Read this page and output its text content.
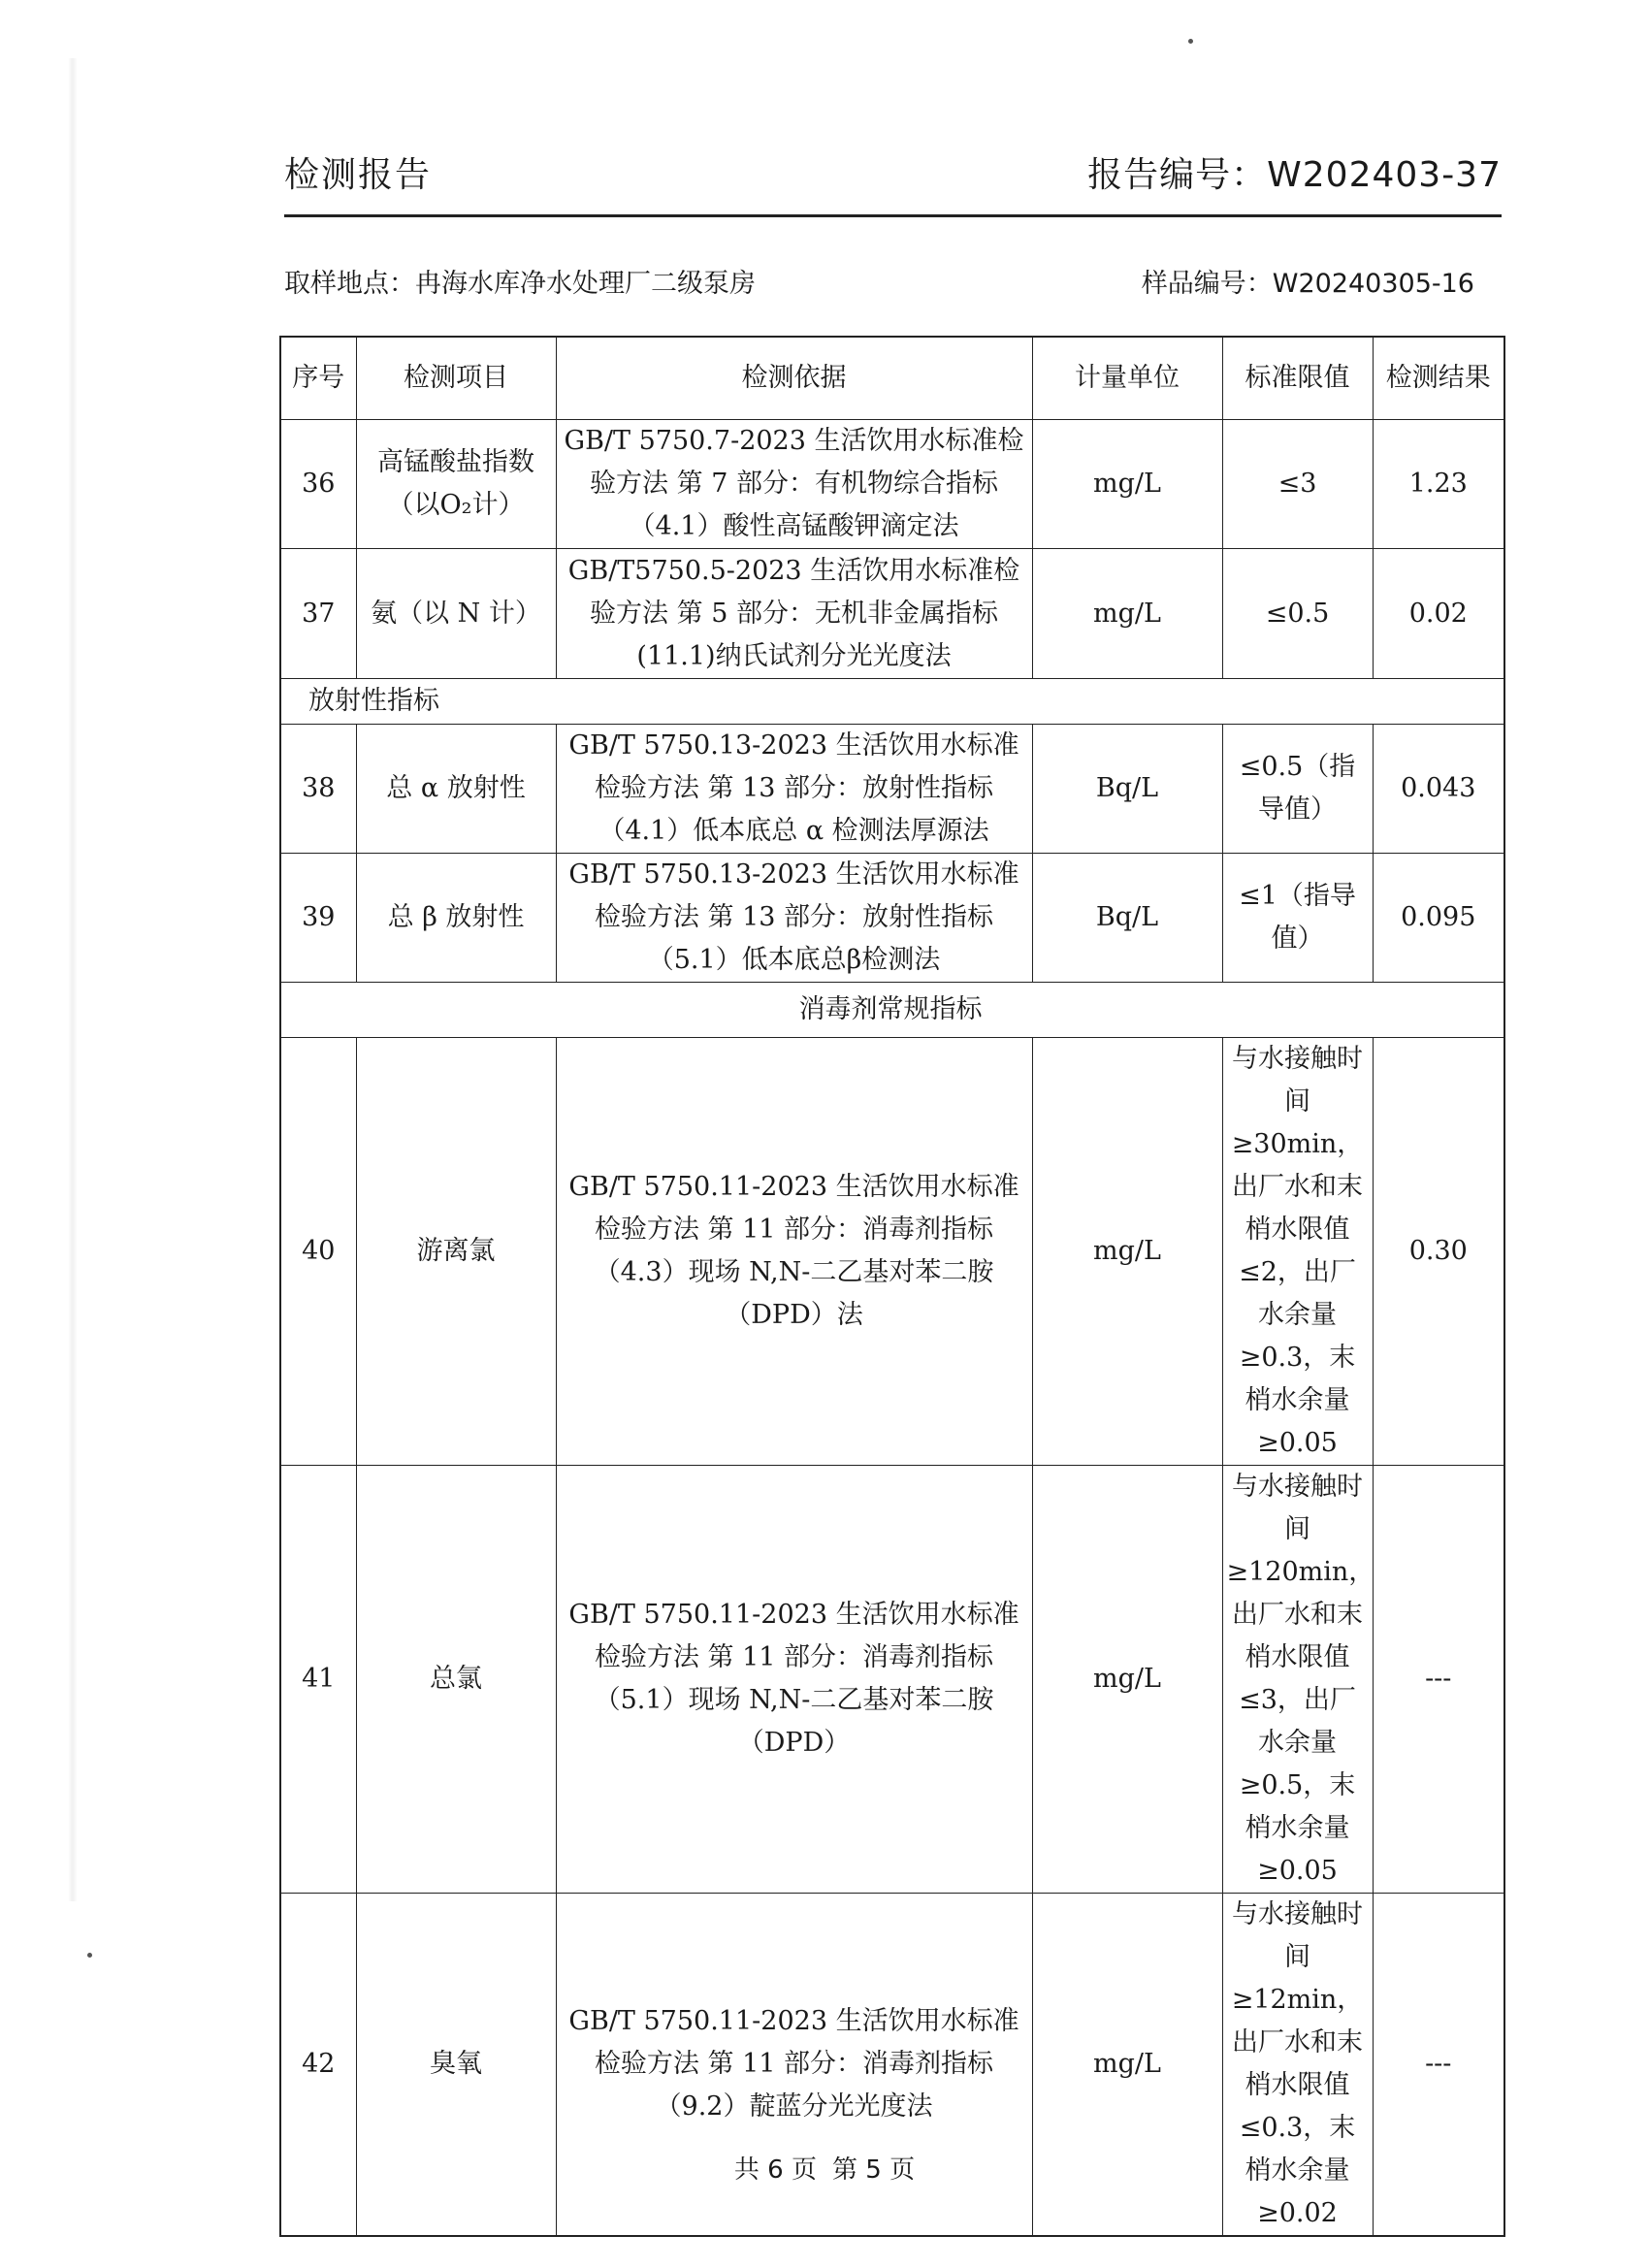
检测报告	报告编号：W202403-37
取样地点：冉海水库净水处理厂二级泵房	样品编号：W20240305-16
序号	检测项目	检测依据	计量单位	标准限值	检测结果
36	高锰酸盐指数（以O₂计）	GB/T 5750.7-2023 生活饮用水标准检验方法 第 7 部分：有机物综合指标（4.1）酸性高锰酸钾滴定法	mg/L	≤3	1.23
37	氨（以 N 计）	GB/T5750.5-2023 生活饮用水标准检验方法 第 5 部分：无机非金属指标(11.1)纳氏试剂分光光度法	mg/L	≤0.5	0.02
放射性指标					
38	总 α 放射性	GB/T 5750.13-2023 生活饮用水标准检验方法 第 13 部分：放射性指标（4.1）低本底总 α 检测法厚源法	Bq/L	≤0.5（指导值）	0.043
39	总 β 放射性	GB/T 5750.13-2023 生活饮用水标准检验方法 第 13 部分：放射性指标（5.1）低本底总β检测法	Bq/L	≤1（指导值）	0.095
消毒剂常规指标					
40	游离氯	GB/T 5750.11-2023 生活饮用水标准检验方法 第 11 部分：消毒剂指标（4.3）现场 N,N-二乙基对苯二胺（DPD）法	mg/L	与水接触时间≥30min，出厂水和末梢水限值≤2，出厂水余量≥0.3，末梢水余量≥0.05	0.30
41	总氯	GB/T 5750.11-2023 生活饮用水标准检验方法 第 11 部分：消毒剂指标（5.1）现场 N,N-二乙基对苯二胺（DPD）	mg/L	与水接触时间≥120min，出厂水和末梢水限值≤3，出厂水余量≥0.5，末梢水余量≥0.05	---
42	臭氧	GB/T 5750.11-2023 生活饮用水标准检验方法 第 11 部分：消毒剂指标（9.2）靛蓝分光光度法	mg/L	与水接触时间≥12min，出厂水和末梢水限值≤0.3，末梢水余量≥0.02	---
共 6 页 第 5 页
